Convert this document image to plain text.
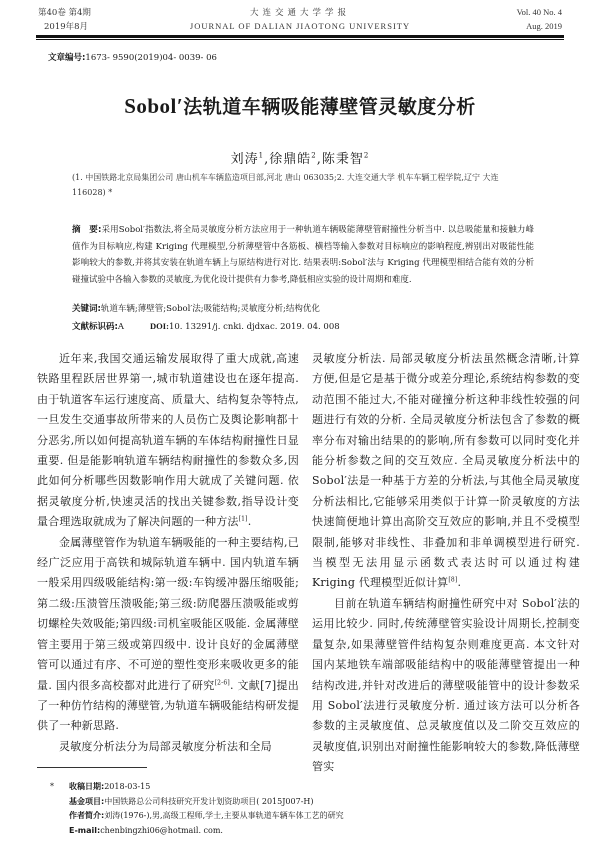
第40卷 第4期	大连交通大学学报	Vol. 40 No. 4
2019年8月	JOURNAL OF DALIAN JIAOTONG UNIVERSITY	Aug. 2019
文章编号:1673- 9590(2019)04- 0039- 06
Sobol′法轨道车辆吸能薄壁管灵敏度分析
刘涛$^1$,徐鼎皓$^2$,陈秉智$^2$
(1. 中国铁路北京局集团公司 唐山机车车辆监造项目部,河北 唐山 063035;2. 大连交通大学 机车车辆工程学院,辽宁 大连 116028) *
摘　要:采用Sobol′指数法,将全局灵敏度分析方法应用于一种轨道车辆吸能薄壁管耐撞性分析当中. 以总吸能量和接触力峰值作为目标响应,构建 Kriging 代理模型,分析薄壁管中各筋板、横档等输入参数对目标响应的影响程度,辨别出对吸能性能影响较大的参数,并将其安装在轨道车辆上与原结构进行对比. 结果表明:Sobol′法与 Kriging 代理模型相结合能有效的分析碰撞试验中各输入参数的灵敏度,为优化设计提供有力参考,降低相应实验的设计周期和难度.
关键词:轨道车辆;薄壁管;Sobol′法;吸能结构;灵敏度分析;结构优化
文献标识码:A	DOI:10. 13291/j. cnki. djdxac. 2019. 04. 008

近年来,我国交通运输发展取得了重大成就,高速铁路里程跃居世界第一,城市轨道建设也在逐年提高. 由于轨道客车运行速度高、质量大、结构复杂等特点,一旦发生交通事故所带来的人员伤亡及舆论影响都十分恶劣,所以如何提高轨道车辆的车体结构耐撞性日显重要. 但是能影响轨道车辆结构耐撞性的参数众多,因此如何分析哪些因数影响作用大就成了关键问题. 依据灵敏度分析,快速灵活的找出关键参数,指导设计变量合理选取就成为了解决问题的一种方法[1].

金属薄壁管作为轨道车辆吸能的一种主要结构,已经广泛应用于高铁和城际轨道车辆中. 国内轨道车辆一般采用四级吸能结构:第一级:车钩缓冲器压缩吸能;第二级:压溃管压溃吸能;第三级:防爬器压溃吸能或剪切螺栓失效吸能;第四级:司机室吸能区吸能. 金属薄壁管主要用于第三级或第四级中. 设计良好的金属薄壁管可以通过有序、不可逆的塑性变形来吸收更多的能量. 国内很多高校都对此进行了研究[2-6]. 文献[7]提出了一种仿竹结构的薄壁管,为轨道车辆吸能结构研发提供了一种新思路.

灵敏度分析法分为局部灵敏度分析法和全局

灵敏度分析法. 局部灵敏度分析法虽然概念清晰,计算方便,但是它是基于微分或差分理论,系统结构参数的变动范围不能过大,不能对碰撞分析这种非线性较强的问题进行有效的分析. 全局灵敏度分析法包含了参数的概率分布对输出结果的的影响,所有参数可以同时变化并能分析参数之间的交互效应. 全局灵敏度分析法中的 Sobol′法是一种基于方差的分析法,与其他全局灵敏度分析法相比,它能够采用类似于计算一阶灵敏度的方法快速简便地计算出高阶交互效应的影响,并且不受模型限制,能够对非线性、非叠加和非单调模型进行研究. 当模型无法用显示函数式表达时可以通过构建 Kriging 代理模型近似计算[8].

目前在轨道车辆结构耐撞性研究中对 Sobol′法的运用比较少. 同时,传统薄壁管实验设计周期长,控制变量复杂,如果薄壁管件结构复杂则难度更高. 本文针对国内某地铁车端部吸能结构中的吸能薄壁管提出一种结构改进,并针对改进后的薄壁吸能管中的设计参数采用 Sobol′法进行灵敏度分析. 通过该方法可以分析各参数的主灵敏度值、总灵敏度值以及二阶交互效应的灵敏度值,识别出对耐撞性能影响较大的参数,降低薄壁管实

* 收稿日期:2018-03-15
基金项目:中国铁路总公司科技研究开发计划资助项目( 2015J007-H)
作者简介:刘涛(1976-),男,高级工程师,学士,主要从事轨道车辆车体工艺的研究
E-mail:chenbingzhi06@hotmail. com.
